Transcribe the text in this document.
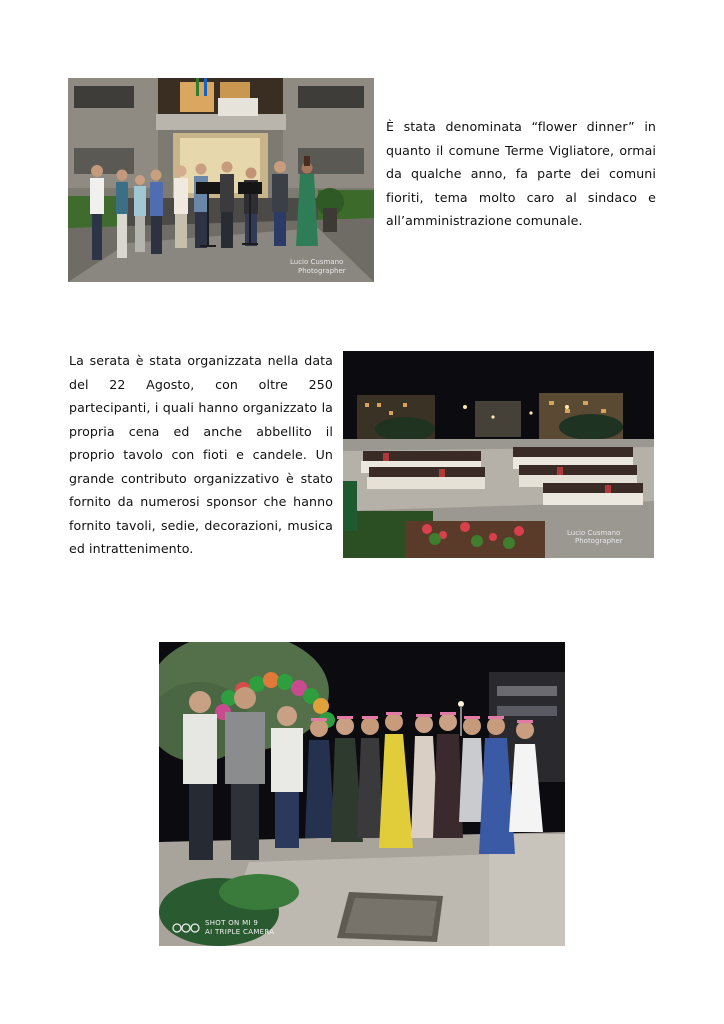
Lucio Cusmano
Photographer

È stata denominata “flower dinner” in quanto il comune Terme Vigliatore, ormai da qualche anno, fa parte dei comuni fioriti, tema molto caro al sindaco e all’amministrazione comunale.

La serata è stata organizzata nella data del 22 Agosto, con oltre 250 partecipanti, i quali hanno organizzato la propria cena ed anche abbellito il proprio tavolo con fioti e candele. Un grande contributo organizzativo è stato fornito da numerosi sponsor che hanno fornito tavoli, sedie, decorazioni, musica ed intrattenimento.

Lucio Cusmano
Photographer
SHOT ON MI 9
AI TRIPLE CAMERA
